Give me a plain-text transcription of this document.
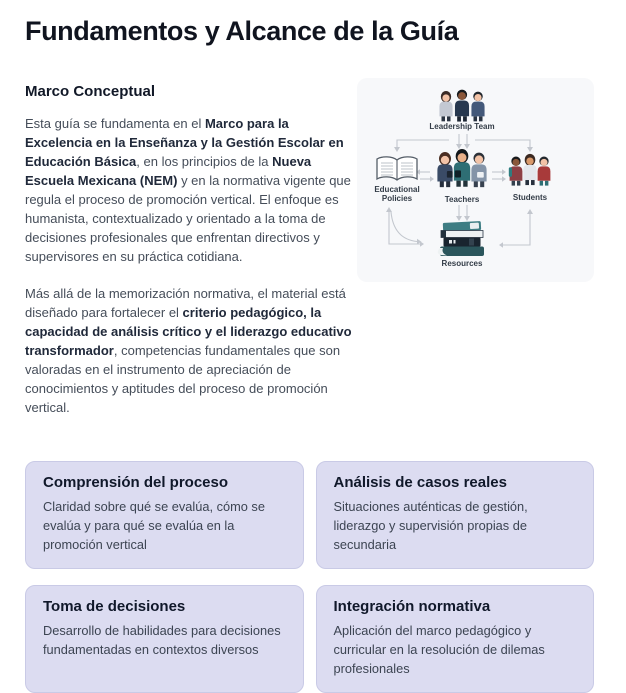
Fundamentos y Alcance de la Guía
Marco Conceptual

Esta guía se fundamenta en el Marco para la Excelencia en la Enseñanza y la Gestión Escolar en Educación Básica, en los principios de la Nueva Escuela Mexicana (NEM) y en la normativa vigente que regula el proceso de promoción vertical. El enfoque es humanista, contextualizado y orientado a la toma de decisiones profesionales que enfrentan directivos y supervisores en su práctica cotidiana.

Más allá de la memorización normativa, el material está diseñado para fortalecer el criterio pedagógico, la capacidad de análisis crítico y el liderazgo educativo transformador, competencias fundamentales que son valoradas en el instrumento de apreciación de conocimientos y aptitudes del proceso de promoción vertical.

Leadership Team
Educational Policies	Teachers	Students
Resources
Comprensión del proceso

Claridad sobre qué se evalúa, cómo se evalúa y para qué se evalúa en la promoción vertical

Análisis de casos reales

Situaciones auténticas de gestión, liderazgo y supervisión propias de secundaria

Toma de decisiones

Desarrollo de habilidades para decisiones fundamentadas en contextos diversos

Integración normativa

Aplicación del marco pedagógico y curricular en la resolución de dilemas profesionales
